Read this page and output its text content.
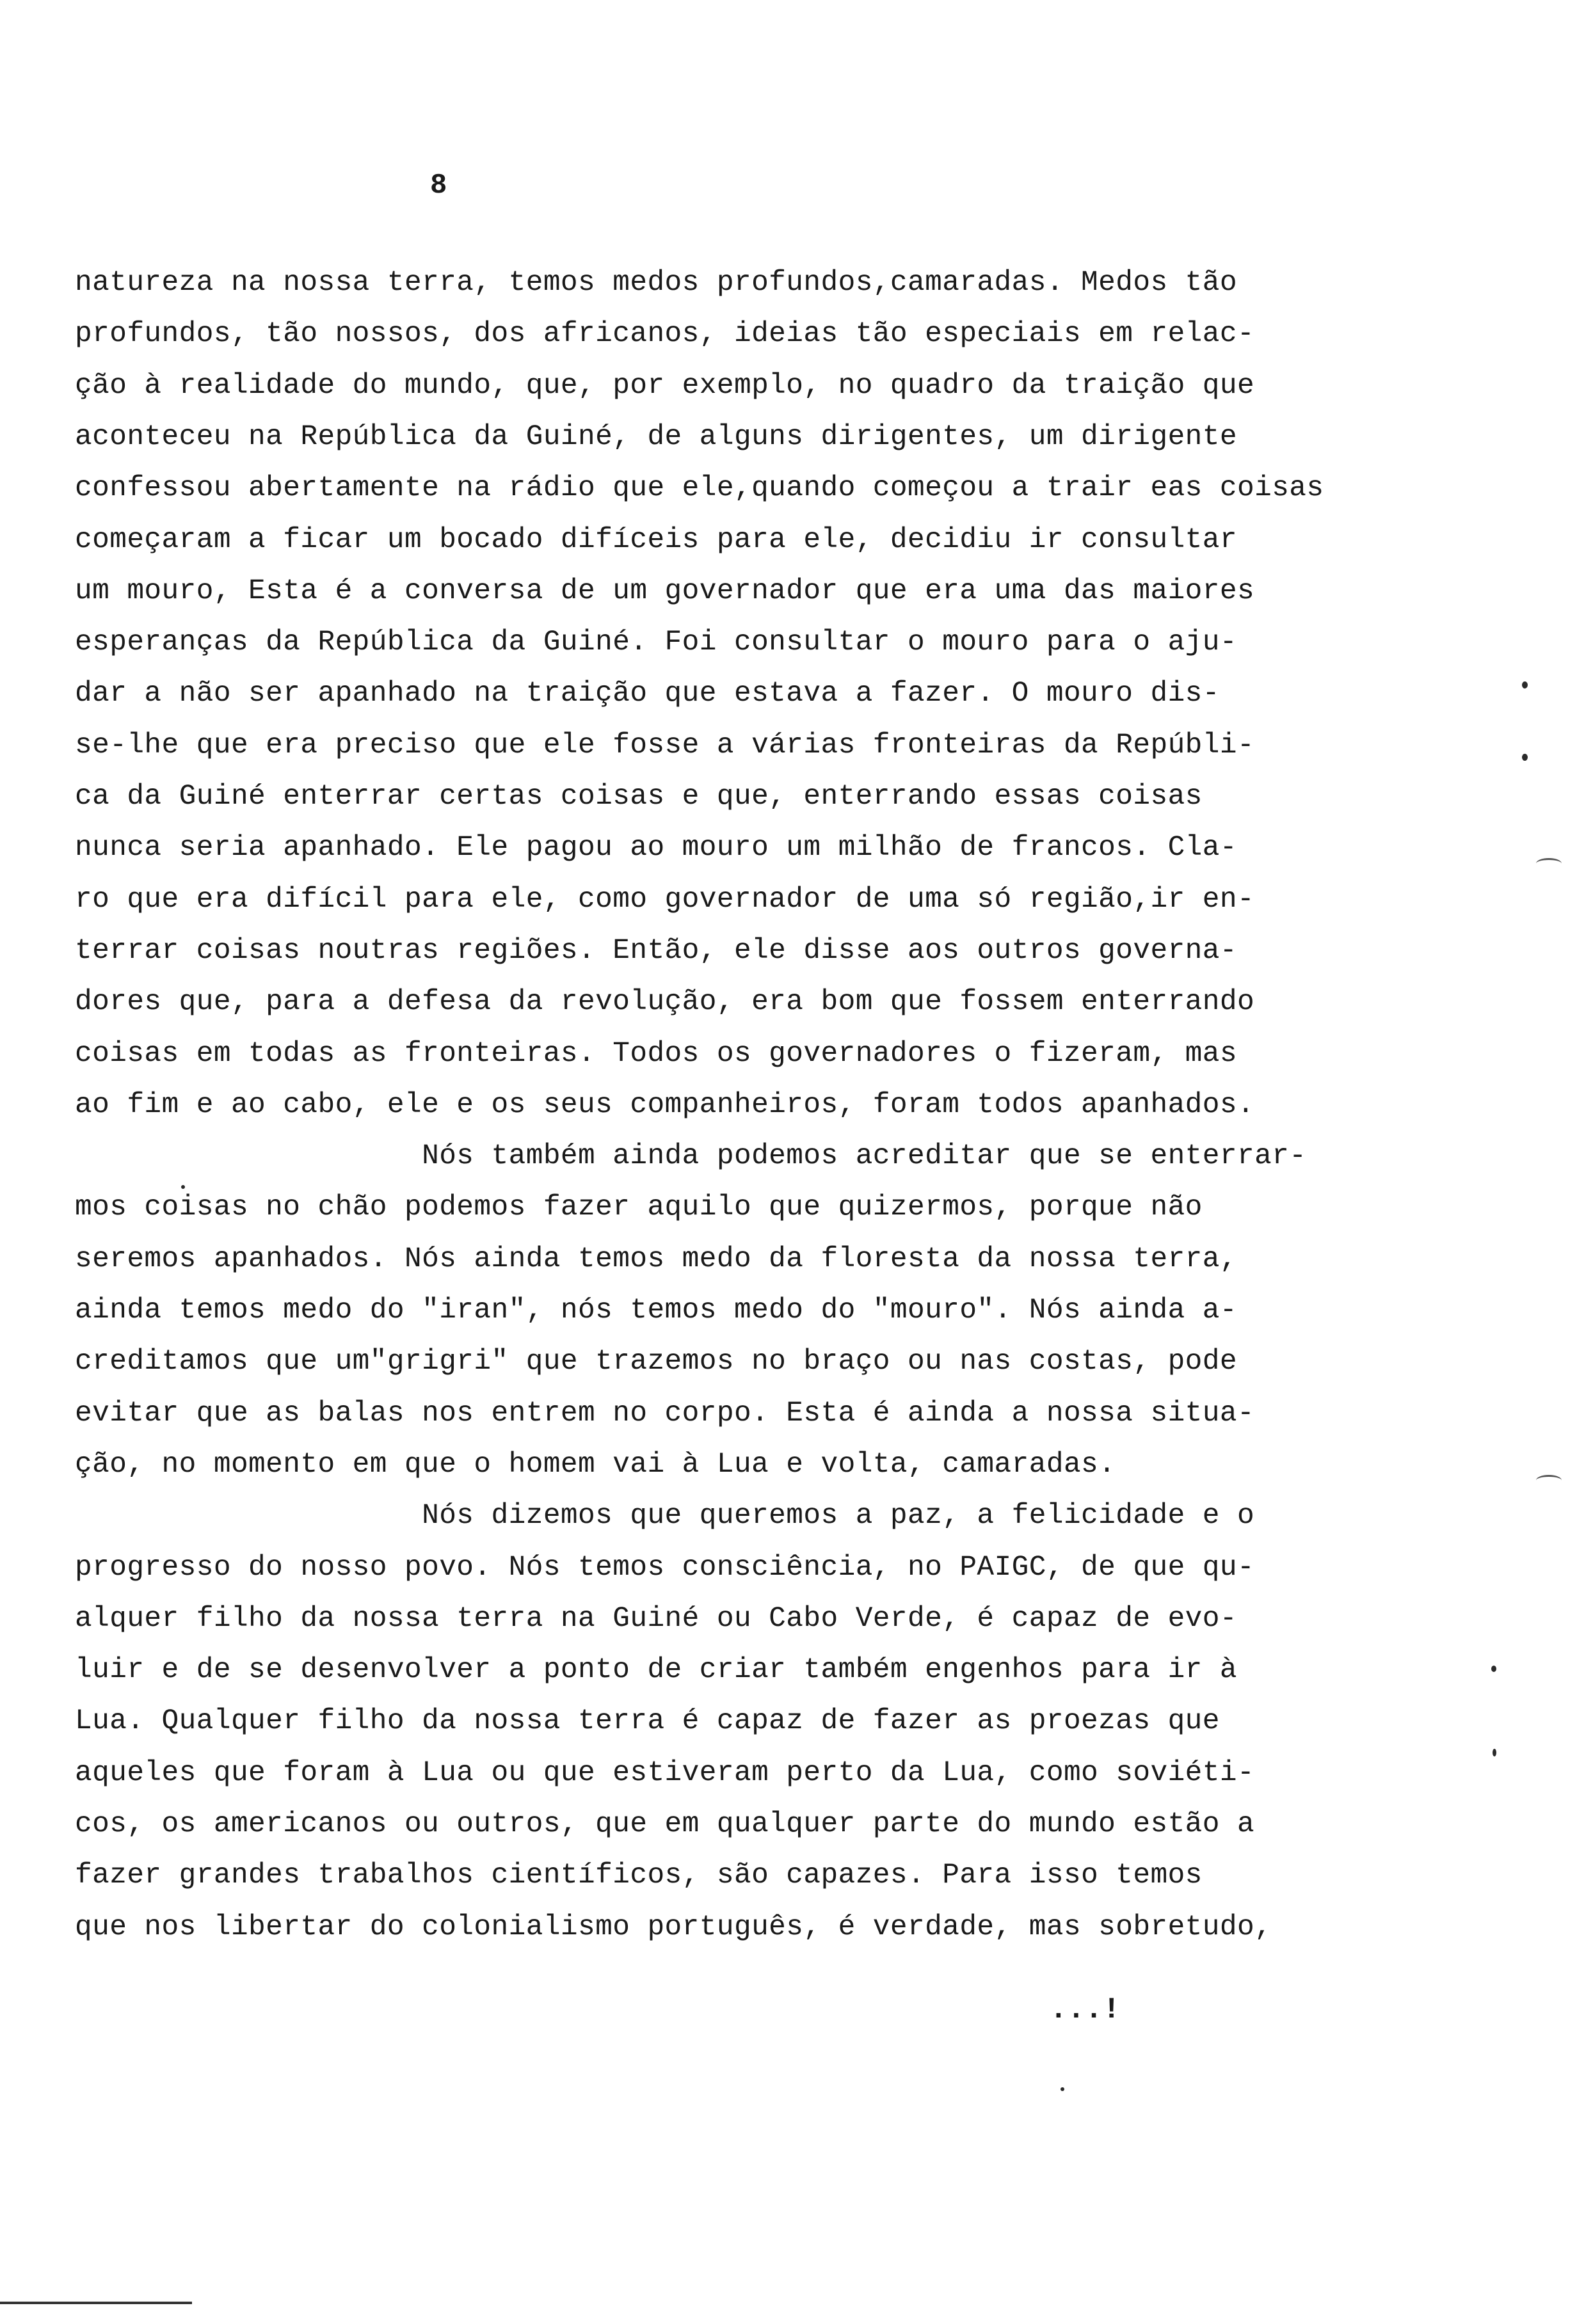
8
natureza na nossa terra, temos medos profundos,camaradas. Medos tão
profundos, tão nossos, dos africanos, ideias tão especiais em relac-
ção à realidade do mundo, que, por exemplo, no quadro da traição que
aconteceu na República da Guiné, de alguns dirigentes, um dirigente
confessou abertamente na rádio que ele,quando começou a trair eas coisas
começaram a ficar um bocado difíceis para ele, decidiu ir consultar
um mouro, Esta é a conversa de um governador que era uma das maiores
esperanças da República da Guiné. Foi consultar o mouro para o aju-
dar a não ser apanhado na traição que estava a fazer. O mouro dis-
se-lhe que era preciso que ele fosse a várias fronteiras da Repúbli-
ca da Guiné enterrar certas coisas e que, enterrando essas coisas
nunca seria apanhado. Ele pagou ao mouro um milhão de francos. Cla-
ro que era difícil para ele, como governador de uma só região,ir en-
terrar coisas noutras regiões. Então, ele disse aos outros governa-
dores que, para a defesa da revolução, era bom que fossem enterrando
coisas em todas as fronteiras. Todos os governadores o fizeram, mas
ao fim e ao cabo, ele e os seus companheiros, foram todos apanhados.
Nós também ainda podemos acreditar que se enterrar-
mos coisas no chão podemos fazer aquilo que quizermos, porque não
seremos apanhados. Nós ainda temos medo da floresta da nossa terra,
ainda temos medo do "iran", nós temos medo do "mouro". Nós ainda a-
creditamos que um"grigri" que trazemos no braço ou nas costas, pode
evitar que as balas nos entrem no corpo. Esta é ainda a nossa situa-
ção, no momento em que o homem vai à Lua e volta, camaradas.
Nós dizemos que queremos a paz, a felicidade e o
progresso do nosso povo. Nós temos consciência, no PAIGC, de que qu-
alquer filho da nossa terra na Guiné ou Cabo Verde, é capaz de evo-
luir e de se desenvolver a ponto de criar também engenhos para ir à
Lua. Qualquer filho da nossa terra é capaz de fazer as proezas que
aqueles que foram à Lua ou que estiveram perto da Lua, como soviéti-
cos, os americanos ou outros, que em qualquer parte do mundo estão a
fazer grandes trabalhos científicos, são capazes. Para isso temos
que nos libertar do colonialismo português, é verdade, mas sobretudo,
...!
